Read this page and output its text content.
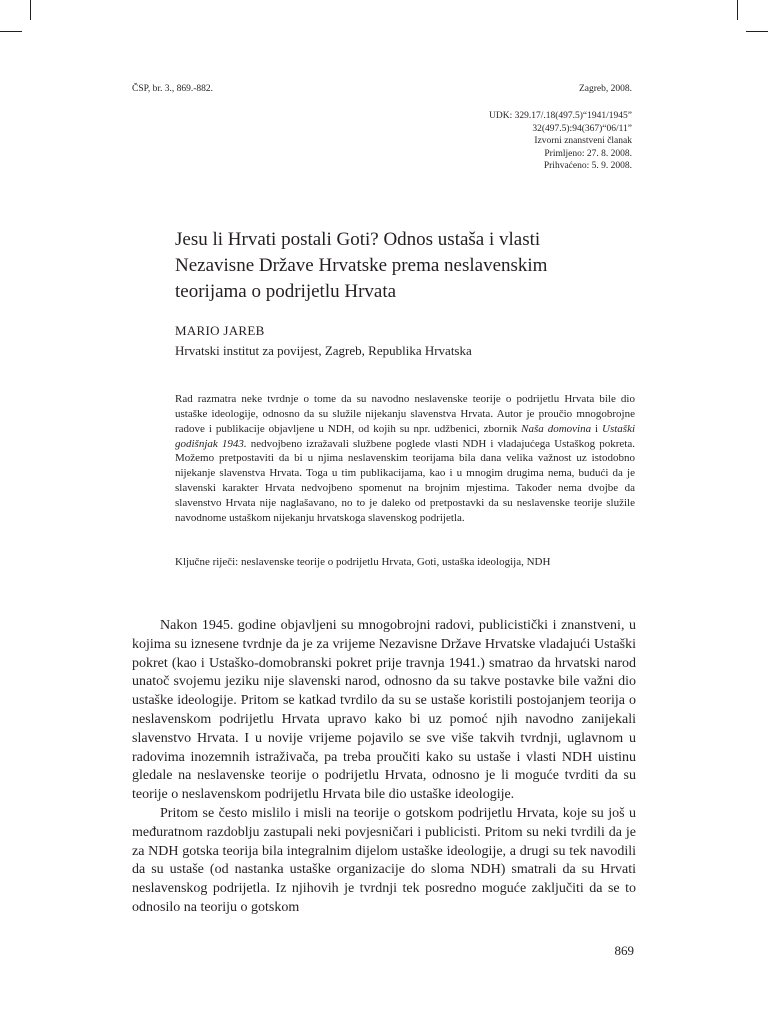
ČSP, br. 3., 869.-882.	Zagreb, 2008.
UDK: 329.17/.18(497.5)“1941/1945”
32(497.5):94(367)“06/11”
Izvorni znanstveni članak
Primljeno: 27. 8. 2008.
Prihvaćeno: 5. 9. 2008.
Jesu li Hrvati postali Goti? Odnos ustaša i vlasti
Nezavisne Države Hrvatske prema neslavenskim
teorijama o podrijetlu Hrvata
MARIO JAREB
Hrvatski institut za povijest, Zagreb, Republika Hrvatska

Rad razmatra neke tvrdnje o tome da su navodno neslavenske teorije o podrijetlu Hrvata bile dio ustaške ideologije, odnosno da su služile nijekanju slavenstva Hrvata. Autor je proučio mnogobrojne radove i publikacije objavljene u NDH, od kojih su npr. udžbenici, zbornik Naša domovina i Ustaški godišnjak 1943. nedvojbeno izražavali službene poglede vlasti NDH i vladajućega Ustaškog pokreta. Možemo pretpostaviti da bi u njima neslavenskim teorijama bila dana velika važnost uz istodobno nijekanje slavenstva Hrvata. Toga u tim publikacijama, kao i u mnogim drugima nema, budući da je slavenski karakter Hrvata nedvojbeno spomenut na brojnim mjestima. Također nema dvojbe da slavenstvo Hrvata nije naglašavano, no to je daleko od pretpostavki da su neslavenske teorije služile navodnome ustaškom nijekanju hrvatskoga slavenskog podrijetla.

Ključne riječi: neslavenske teorije o podrijetlu Hrvata, Goti, ustaška ideologija, NDH

Nakon 1945. godine objavljeni su mnogobrojni radovi, publicistički i znanstveni, u kojima su iznesene tvrdnje da je za vrijeme Nezavisne Države Hrvatske vladajući Ustaški pokret (kao i Ustaško-domobranski pokret prije travnja 1941.) smatrao da hrvatski narod unatoč svojemu jeziku nije slavenski narod, odnosno da su takve postavke bile važni dio ustaške ideologije. Pritom se katkad tvrdilo da su se ustaše koristili postojanjem teorija o neslavenskom podrijetlu Hrvata upravo kako bi uz pomoć njih navodno zanijekali slavenstvo Hrvata. I u novije vrijeme pojavilo se sve više takvih tvrdnji, uglavnom u radovima inozemnih istraživača, pa treba proučiti kako su ustaše i vlasti NDH uistinu gledale na neslavenske teorije o podrijetlu Hrvata, odnosno je li moguće tvrditi da su teorije o neslavenskom podrijetlu Hrvata bile dio ustaške ideologije.

Pritom se često mislilo i misli na teorije o gotskom podrijetlu Hrvata, koje su još u međuratnom razdoblju zastupali neki povjesničari i publicisti. Pritom su neki tvrdili da je za NDH gotska teorija bila integralnim dijelom ustaške ideologije, a drugi su tek navodili da su ustaše (od nastanka ustaške organizacije do sloma NDH) smatrali da su Hrvati neslavenskog podrijetla. Iz njihovih je tvrdnji tek posredno moguće zaključiti da se to odnosilo na teoriju o gotskom

869
